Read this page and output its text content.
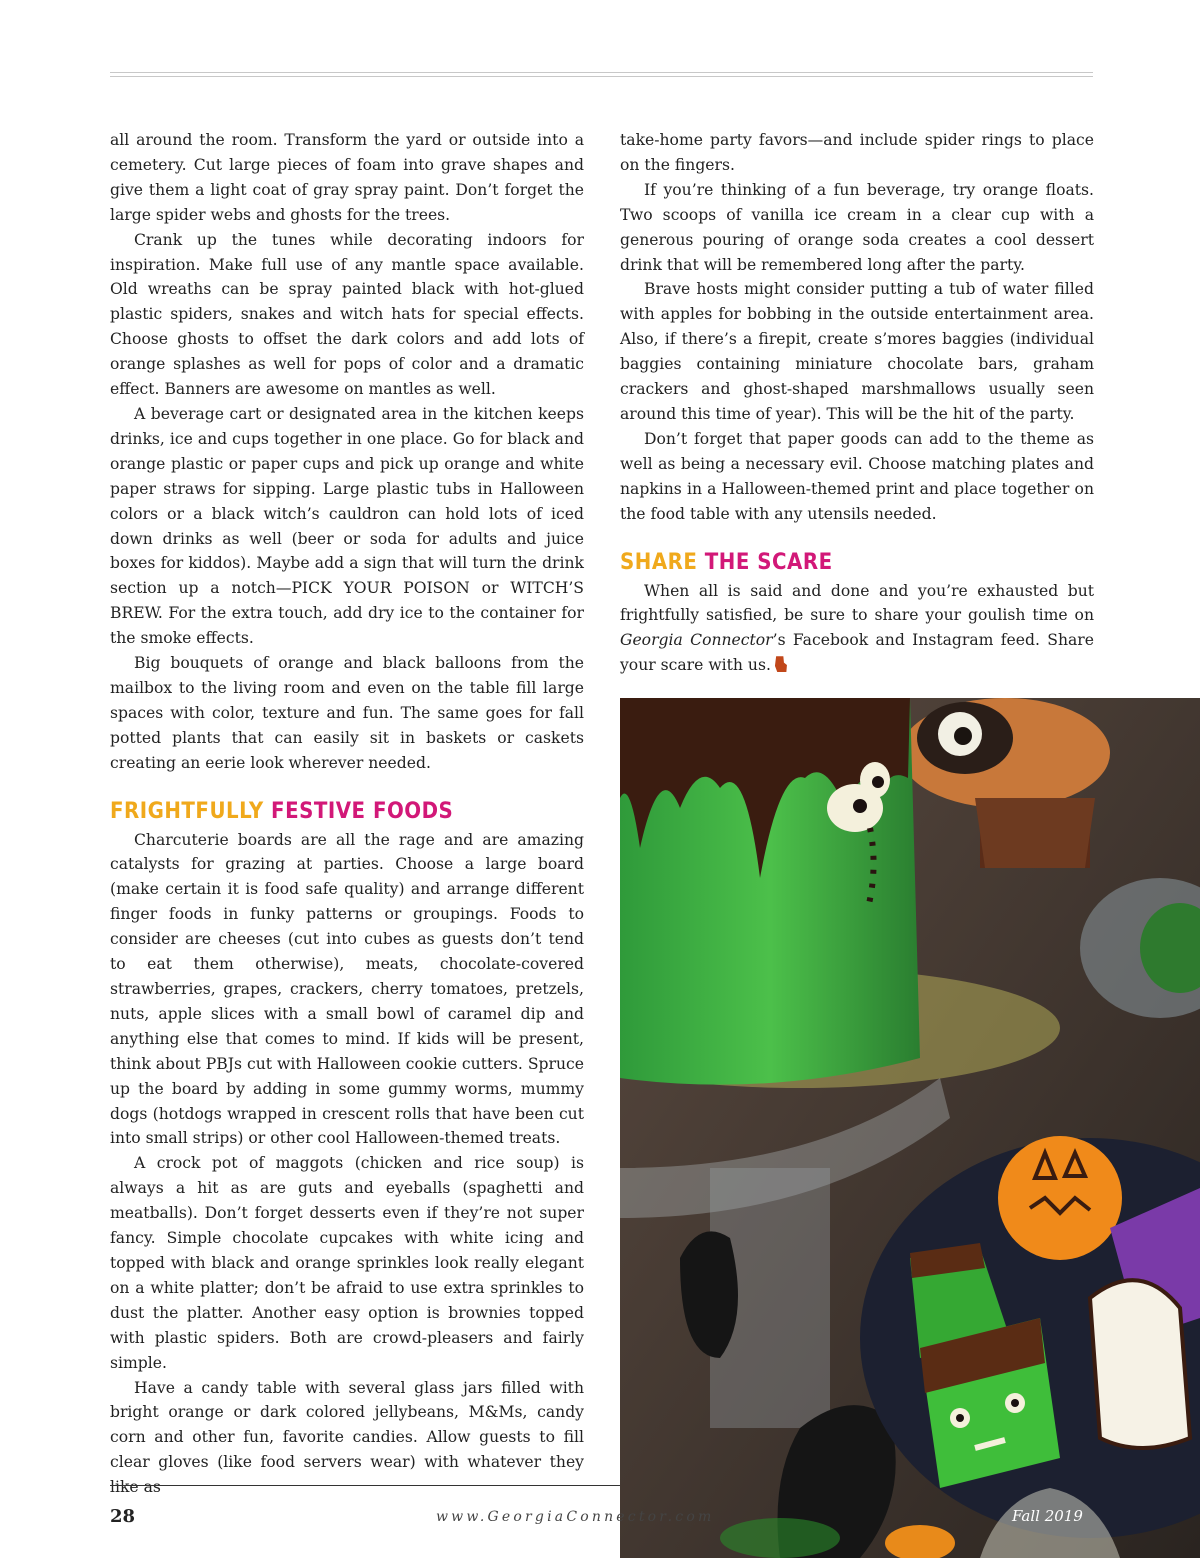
all around the room. Transform the yard or outside into a cemetery. Cut large pieces of foam into grave shapes and give them a light coat of gray spray paint. Don’t forget the large spider webs and ghosts for the trees.

Crank up the tunes while decorating indoors for inspiration. Make full use of any mantle space available. Old wreaths can be spray painted black with hot-glued plastic spiders, snakes and witch hats for special effects. Choose ghosts to offset the dark colors and add lots of orange splashes as well for pops of color and a dramatic effect. Banners are awesome on mantles as well.

A beverage cart or designated area in the kitchen keeps drinks, ice and cups together in one place. Go for black and orange plastic or paper cups and pick up orange and white paper straws for sipping. Large plastic tubs in Halloween colors or a black witch’s cauldron can hold lots of iced down drinks as well (beer or soda for adults and juice boxes for kiddos). Maybe add a sign that will turn the drink section up a notch—PICK YOUR POISON or WITCH’S BREW. For the extra touch, add dry ice to the container for the smoke effects.

Big bouquets of orange and black balloons from the mailbox to the living room and even on the table fill large spaces with color, texture and fun. The same goes for fall potted plants that can easily sit in baskets or caskets creating an eerie look wherever needed.

FRIGHTFULLY FESTIVE FOODS

Charcuterie boards are all the rage and are amazing catalysts for grazing at parties. Choose a large board (make certain it is food safe quality) and arrange different finger foods in funky patterns or groupings. Foods to consider are cheeses (cut into cubes as guests don’t tend to eat them otherwise), meats, chocolate-covered strawberries, grapes, crackers, cherry tomatoes, pretzels, nuts, apple slices with a small bowl of caramel dip and anything else that comes to mind. If kids will be present, think about PBJs cut with Halloween cookie cutters. Spruce up the board by adding in some gummy worms, mummy dogs (hotdogs wrapped in crescent rolls that have been cut into small strips) or other cool Halloween-themed treats.

A crock pot of maggots (chicken and rice soup) is always a hit as are guts and eyeballs (spaghetti and meatballs). Don’t forget desserts even if they’re not super fancy. Simple chocolate cupcakes with white icing and topped with black and orange sprinkles look really elegant on a white platter; don’t be afraid to use extra sprinkles to dust the platter. Another easy option is brownies topped with plastic spiders. Both are crowd-pleasers and fairly simple.

Have a candy table with several glass jars filled with bright orange or dark colored jellybeans, M&Ms, candy corn and other fun, favorite candies. Allow guests to fill clear gloves (like food servers wear) with whatever they like as

take-home party favors—and include spider rings to place on the fingers.

If you’re thinking of a fun beverage, try orange floats. Two scoops of vanilla ice cream in a clear cup with a generous pouring of orange soda creates a cool dessert drink that will be remembered long after the party.

Brave hosts might consider putting a tub of water filled with apples for bobbing in the outside entertainment area. Also, if there’s a firepit, create s’mores baggies (individual baggies containing miniature chocolate bars, graham crackers and ghost-shaped marshmallows usually seen around this time of year). This will be the hit of the party.

Don’t forget that paper goods can add to the theme as well as being a necessary evil. Choose matching plates and napkins in a Halloween-themed print and place together on the food table with any utensils needed.

SHARE THE SCARE

When all is said and done and you’re exhausted but frightfully satisfied, be sure to share your goulish time on Georgia Connector’s Facebook and Instagram feed. Share your scare with us.

28	www.GeorgiaConnector.com	Fall 2019
